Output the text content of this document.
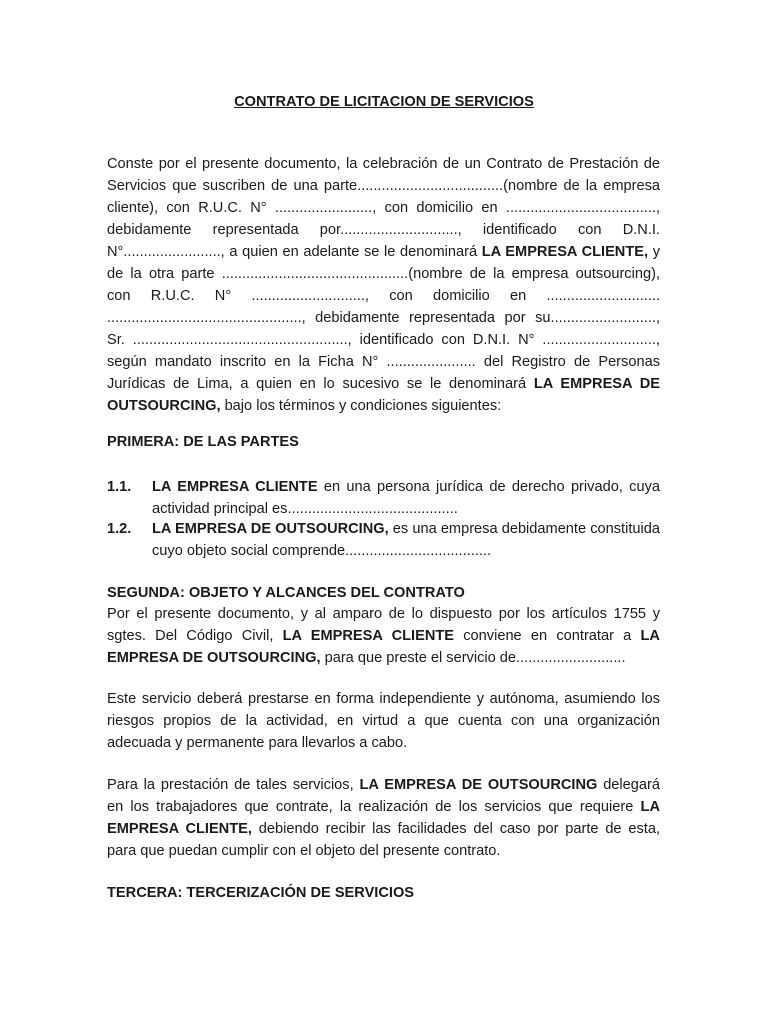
CONTRATO DE LICITACION DE SERVICIOS

Conste por el presente documento, la celebración de un Contrato de Prestación de Servicios que suscriben de una parte....................................(nombre de la empresa cliente), con R.U.C. N° ........................, con domicilio en ....................................., debidamente representada por............................., identificado con D.N.I. N°........................, a quien en adelante se le denominará LA EMPRESA CLIENTE, y de la otra parte ..............................................(nombre de la empresa outsourcing), con R.U.C. N° ............................, con domicilio en ............................ ................................................, debidamente representada por su.........................., Sr. ....................................................., identificado con D.N.I. N° ............................, según mandato inscrito en la Ficha N° ...................... del Registro de Personas Jurídicas de Lima, a quien en lo sucesivo se le denominará LA EMPRESA DE OUTSOURCING, bajo los términos y condiciones siguientes:

PRIMERA: DE LAS PARTES

1.1.	LA EMPRESA CLIENTE en una persona jurídica de derecho privado, cuya actividad principal es..........................................
1.2.	LA EMPRESA DE OUTSOURCING, es una empresa debidamente constituida cuyo objeto social comprende....................................

SEGUNDA: OBJETO Y ALCANCES DEL CONTRATO

Por el presente documento, y al amparo de lo dispuesto por los artículos 1755 y sgtes. Del Código Civil, LA EMPRESA CLIENTE conviene en contratar a LA EMPRESA DE OUTSOURCING, para que preste el servicio de...........................

Este servicio deberá prestarse en forma independiente y autónoma, asumiendo los riesgos propios de la actividad, en virtud a que cuenta con una organización adecuada y permanente para llevarlos a cabo.

Para la prestación de tales servicios, LA EMPRESA DE OUTSOURCING delegará en los trabajadores que contrate, la realización de los servicios que requiere LA EMPRESA CLIENTE, debiendo recibir las facilidades del caso por parte de esta, para que puedan cumplir con el objeto del presente contrato.

TERCERA: TERCERIZACIÓN DE SERVICIOS
